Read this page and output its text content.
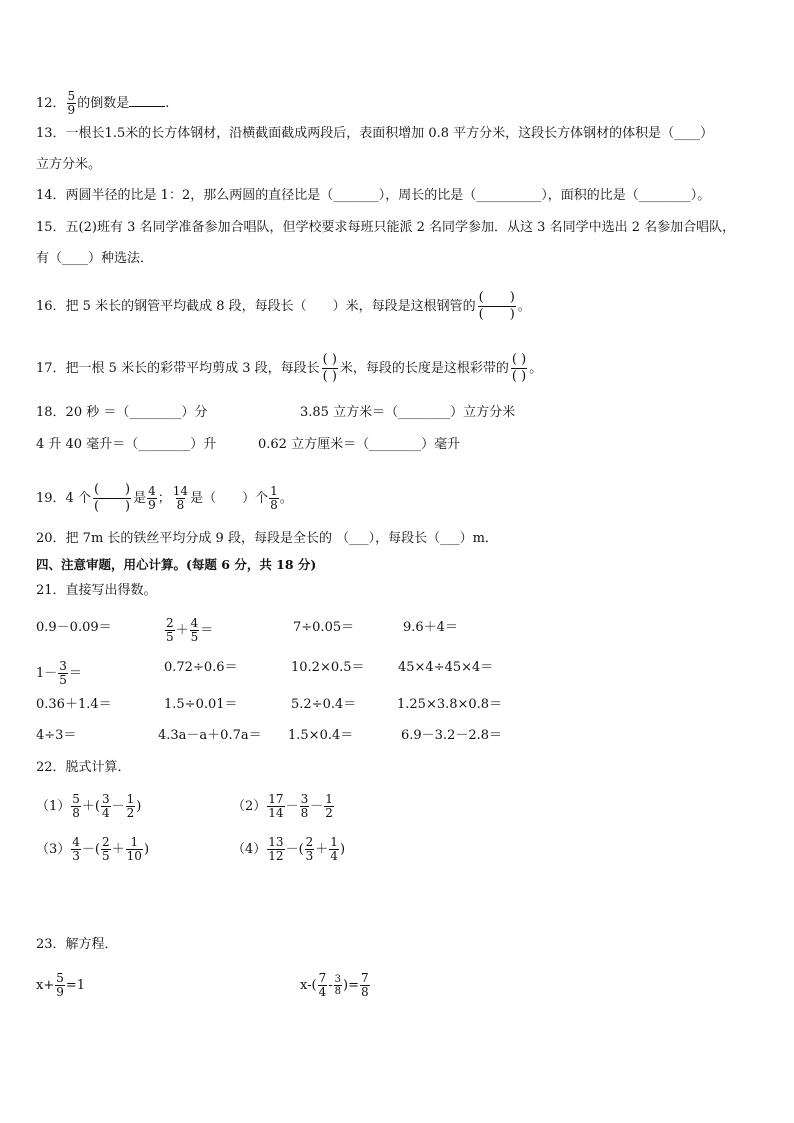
12． $\frac{5}{9}$ 的倒数是	.
13．一根长1.5米的长方体钢材，沿横截面截成两段后，表面积增加 0.8 平方分米，这段长方体钢材的体积是（____）
立方分米。
14．两圆半径的比是 1：2，那么两圆的直径比是（_______），周长的比是（__________），面积的比是（________）。
15．五(2)班有 3 名同学准备参加合唱队，但学校要求每班只能派 2 名同学参加．从这 3 名同学中选出 2 名参加合唱队，
有（____）种选法．
16．把 5 米长的钢管平均截成 8 段，每段长（　　）米，每段是这根钢管的
(　　)
(　　)
。
17．把一根 5 米长的彩带平均剪成 3 段，每段长
( )
( )
米，每段的长度是这根彩带的
( )
( )
。
18．20 秒 ＝（________）分	3.85 立方米＝（________）立方分米
4 升 40 毫升＝（________）升	0.62 立方厘米＝（________）毫升
19．4 个
(　　)
(　　)
是 $\frac{4}{9}$ ； $\frac{14}{8}$ 是（　　）个 $\frac{1}{8}$ 。
20．把 7m 长的铁丝平均分成 9 段，每段是全长的 （___），每段长（___）m．
四、注意审题，用心计算。(每题 6 分，共 18 分)
21．直接写出得数。
0.9－0.09＝	$\frac{2}{5} + \frac{4}{5}$ ＝	7÷0.05＝	9.6＋4＝
$1- \frac{3}{5}$ ＝	0.72÷0.6＝	10.2×0.5＝	45×4÷45×4＝
0.36＋1.4＝	1.5÷0.01＝	5.2÷0.4＝	1.25×3.8×0.8＝
4÷3＝	4.3a－a＋0.7a＝ 1.5×0.4＝	6.9－3.2－2.8＝
22．脱式计算．
$(1) \frac{5}{8}$ ＋( $\frac{3}{4} - \frac{1}{2}$ )	$(2) \frac{17}{14} - \frac{3}{8} - \frac{1}{2}$
$(3) \frac{4}{3}$ －( $\frac{2}{5} + \frac{1}{10}$ )	$(4) \frac{13}{12}$ －( $\frac{2}{3} + \frac{1}{4}$ )
23．解方程．
$x+ \frac{5}{9} =1$	$x-( \frac{7}{4} - \frac{3}{8}$ )= $\frac{7}{8}$
